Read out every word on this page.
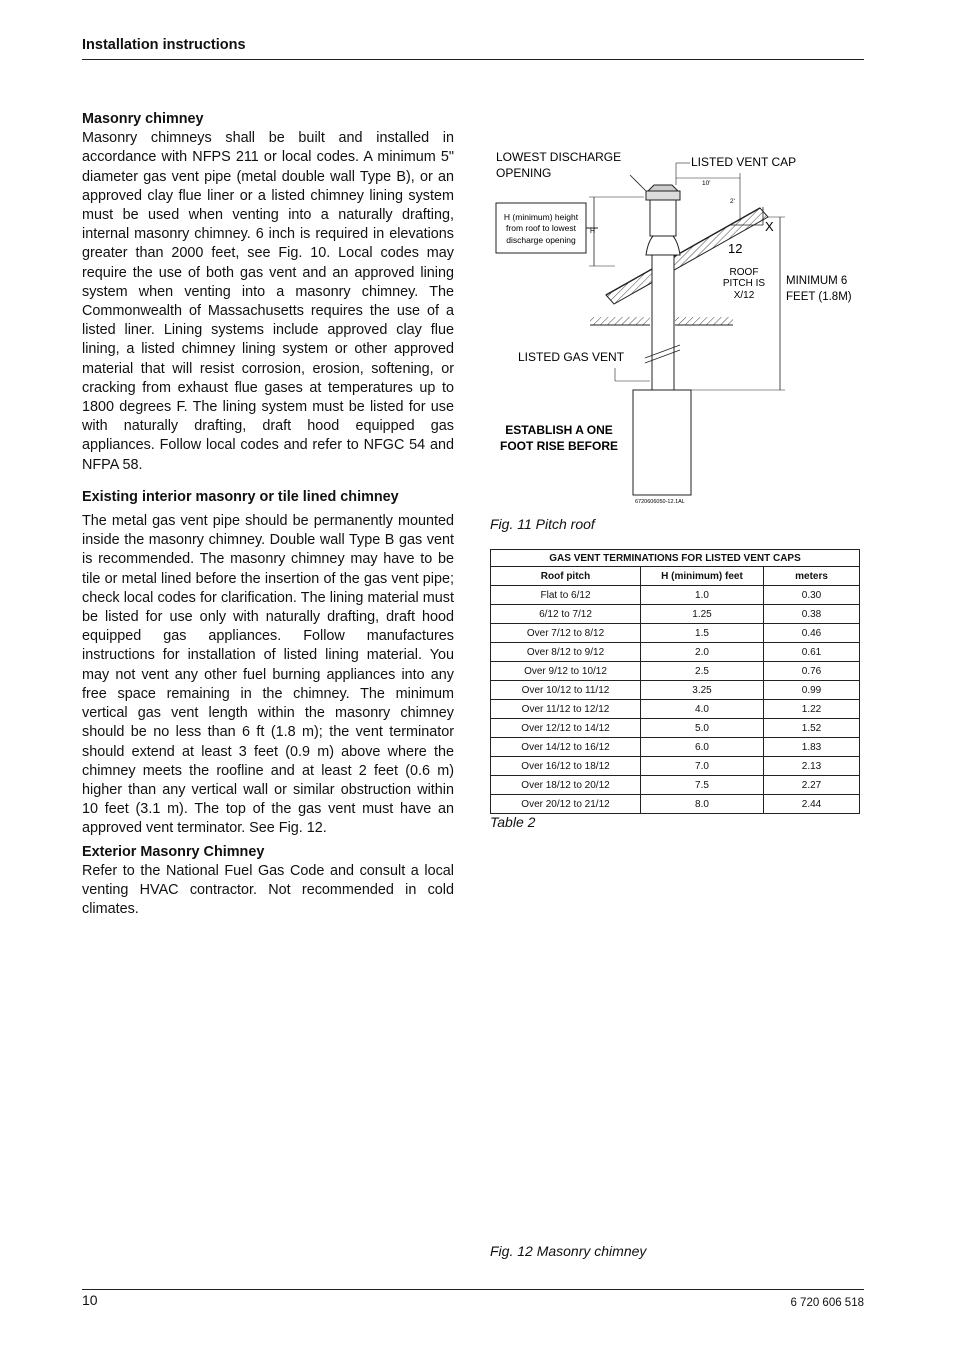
Installation instructions
Masonry chimney

Masonry chimneys shall be built and installed in accordance with NFPS 211 or local codes. A minimum 5" diameter gas vent pipe (metal double wall Type B), or an approved clay flue liner or a listed chimney lining system must be used when venting into a naturally drafting, internal masonry chimney. 6 inch is required in elevations greater than 2000 feet, see Fig. 10. Local codes may require the use of both gas vent and an approved lining system when venting into a masonry chimney. The Commonwealth of Massachusetts requires the use of a listed liner. Lining systems include approved clay flue lining, a listed chimney lining system or other approved material that will resist corrosion, erosion, softening, or cracking from exhaust flue gases at temperatures up to 1800 degrees F. The lining system must be listed for use with naturally drafting, draft hood equipped gas appliances. Follow local codes and refer to NFGC 54 and NFPA 58.

Existing interior masonry or tile lined chimney

The metal gas vent pipe should be permanently mounted inside the masonry chimney. Double wall Type B gas vent is recommended. The masonry chimney may have to be tile or metal lined before the insertion of the gas vent pipe; check local codes for clarification. The lining material must be listed for use only with naturally drafting, draft hood equipped gas appliances. Follow manufactures instructions for installation of listed lining material. You may not vent any other fuel burning appliances into any free space remaining in the chimney. The minimum vertical gas vent length within the masonry chimney should be no less than 6 ft (1.8 m); the vent terminator should extend at least 3 feet (0.9 m) above where the chimney meets the roofline and at least 2 feet (0.6 m) higher than any vertical wall or similar obstruction within 10 feet (3.1 m). The top of the gas vent must have an approved vent terminator. See Fig. 12.

Exterior Masonry Chimney

Refer to the National Fuel Gas Code and consult a local venting HVAC contractor. Not recommended in cold climates.

LOWEST DISCHARGE
OPENING
LISTED VENT CAP
H (minimum) height
from roof to lowest
discharge opening
H
10'
2'
X
12
ROOF
PITCH IS
X/12
LISTED GAS VENT
ESTABLISH A ONE
FOOT RISE BEFORE
MINIMUM 6
FEET (1.8M)
6720606050-12.1AL
Fig. 11 Pitch roof
GAS VENT TERMINATIONS FOR LISTED VENT CAPS		
Roof pitch	H (minimum) feet	meters
Flat to 6/12	1.0	0.30
6/12 to 7/12	1.25	0.38
Over 7/12 to 8/12	1.5	0.46
Over 8/12 to 9/12	2.0	0.61
Over 9/12 to 10/12	2.5	0.76
Over 10/12 to 11/12	3.25	0.99
Over 11/12 to 12/12	4.0	1.22
Over 12/12 to 14/12	5.0	1.52
Over 14/12 to 16/12	6.0	1.83
Over 16/12 to 18/12	7.0	2.13
Over 18/12 to 20/12	7.5	2.27
Over 20/12 to 21/12	8.0	2.44
Table 2
Fig. 12 Masonry chimney
10	6 720 606 518
